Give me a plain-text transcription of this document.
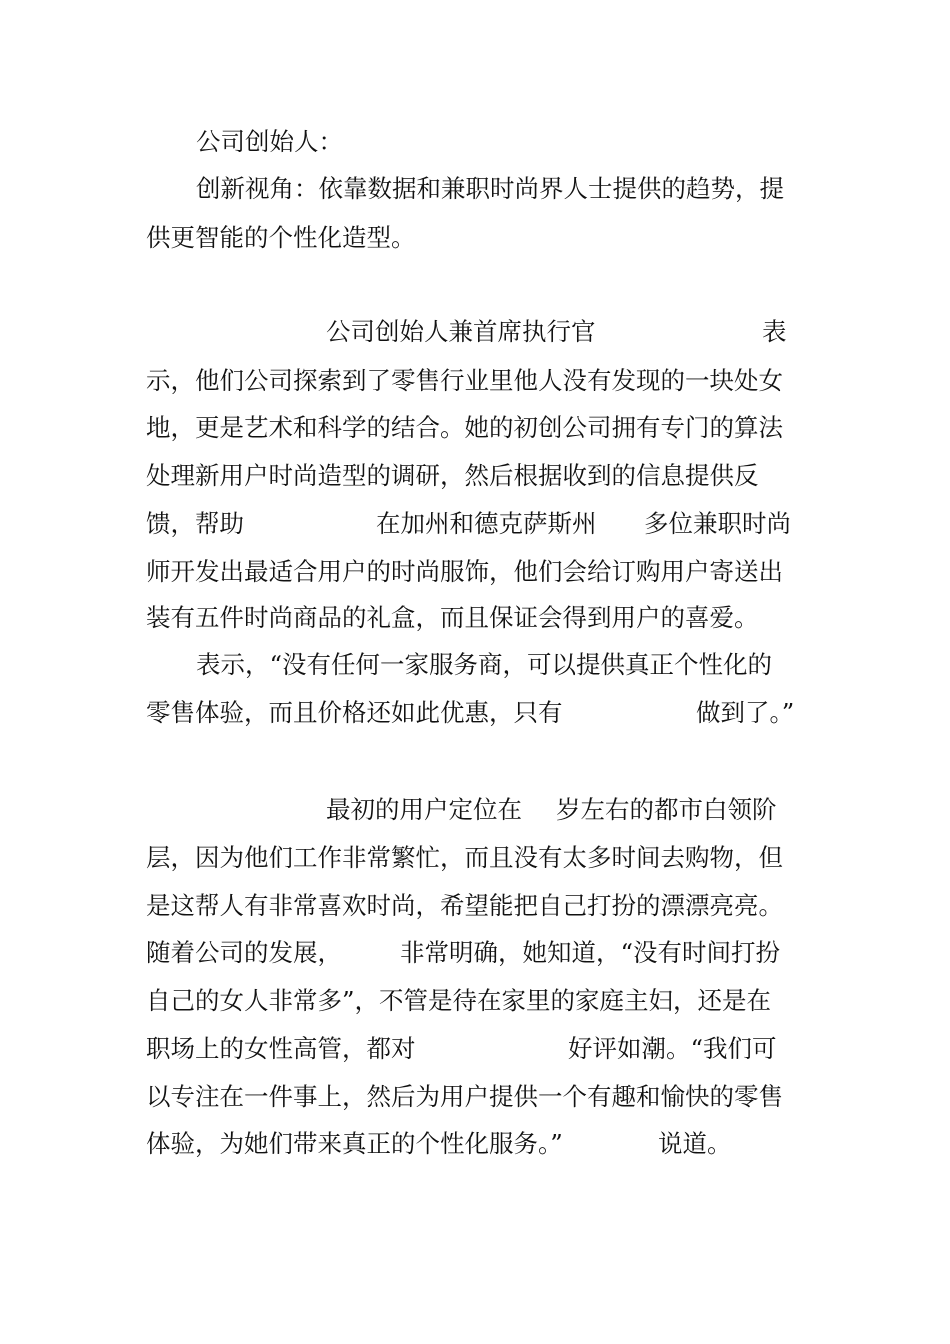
公司创始人：
创新视角：依靠数据和兼职时尚界人士提供的趋势，提
供更智能的个性化造型。
公司创始人兼首席执行官	表
示，他们公司探索到了零售行业里他人没有发现的一块处女
地，更是艺术和科学的结合。她的初创公司拥有专门的算法
处理新用户时尚造型的调研，然后根据收到的信息提供反
馈，帮助	在加州和德克萨斯州 多位兼职时尚
师开发出最适合用户的时尚服饰，他们会给订购用户寄送出
装有五件时尚商品的礼盒，而且保证会得到用户的喜爱。
表示，“没有任何一家服务商，可以提供真正个性化的
零售体验，而且价格还如此优惠，只有	做到了。”
最初的用户定位在 岁左右的都市白领阶
层，因为他们工作非常繁忙，而且没有太多时间去购物，但
是这帮人有非常喜欢时尚，希望能把自己打扮的漂漂亮亮。
随着公司的发展， 非常明确，她知道，“没有时间打扮
自己的女人非常多”，不管是待在家里的家庭主妇，还是在
职场上的女性高管，都对	好评如潮。“我们可
以专注在一件事上，然后为用户提供一个有趣和愉快的零售
体验，为她们带来真正的个性化服务。”	说道。
